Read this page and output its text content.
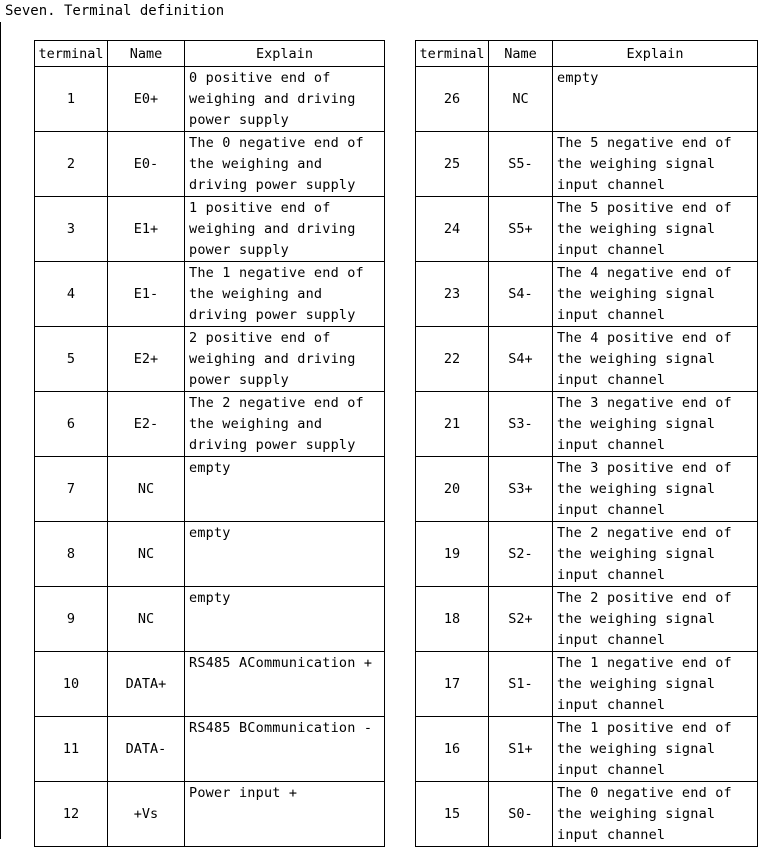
Seven. Terminal definition
terminal	Name	Explain
1	E0+	0 positive end of weighing and driving power supply
2	E0-	The 0 negative end of the weighing and driving power supply
3	E1+	1 positive end of weighing and driving power supply
4	E1-	The 1 negative end of the weighing and driving power supply
5	E2+	2 positive end of weighing and driving power supply
6	E2-	The 2 negative end of the weighing and driving power supply
7	NC	empty
8	NC	empty
9	NC	empty
10	DATA+	RS485 ACommunication +
11	DATA-	RS485 BCommunication -
12	+Vs	Power input +
terminal	Name	Explain
26	NC	empty
25	S5-	The 5 negative end of the weighing signal input channel
24	S5+	The 5 positive end of the weighing signal input channel
23	S4-	The 4 negative end of the weighing signal input channel
22	S4+	The 4 positive end of the weighing signal input channel
21	S3-	The 3 negative end of the weighing signal input channel
20	S3+	The 3 positive end of the weighing signal input channel
19	S2-	The 2 negative end of the weighing signal input channel
18	S2+	The 2 positive end of the weighing signal input channel
17	S1-	The 1 negative end of the weighing signal input channel
16	S1+	The 1 positive end of the weighing signal input channel
15	S0-	The 0 negative end of the weighing signal input channel
